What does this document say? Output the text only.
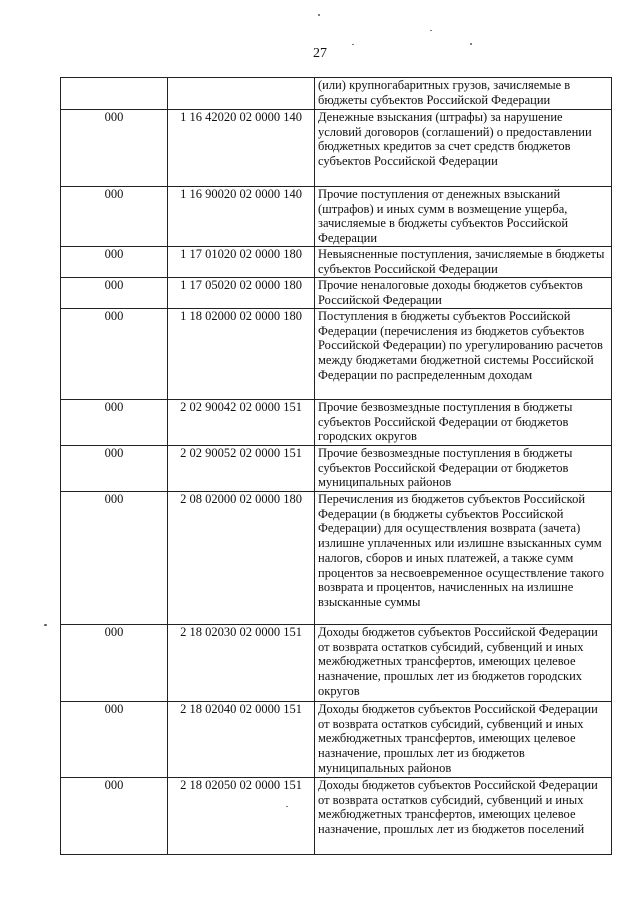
27
		(или) крупногабаритных грузов, зачисляемые в бюджеты субъектов Российской Федерации
000	1 16 42020 02 0000 140	Денежные взыскания (штрафы) за нарушение условий договоров (соглашений) о предоставлении бюджетных кредитов за счет средств бюджетов субъектов Российской Федерации
000	1 16 90020 02 0000 140	Прочие поступления от денежных взысканий (штрафов) и иных сумм в возмещение ущерба, зачисляемые в бюджеты субъектов Российской Федерации
000	1 17 01020 02 0000 180	Невыясненные поступления, зачисляемые в бюджеты субъектов Российской Федерации
000	1 17 05020 02 0000 180	Прочие неналоговые доходы бюджетов субъектов Российской Федерации
000	1 18 02000 02 0000 180	Поступления в бюджеты субъектов Российской Федерации (перечисления из бюджетов субъектов Российской Федерации) по урегулированию расчетов между бюджетами бюджетной системы Российской Федерации по распределенным доходам
000	2 02 90042 02 0000 151	Прочие безвозмездные поступления в бюджеты субъектов Российской Федерации от бюджетов городских округов
000	2 02 90052 02 0000 151	Прочие безвозмездные поступления в бюджеты субъектов Российской Федерации от бюджетов муниципальных районов
000	2 08 02000 02 0000 180	Перечисления из бюджетов субъектов Российской Федерации (в бюджеты субъектов Российской Федерации) для осуществления возврата (зачета) излишне уплаченных или излишне взысканных сумм налогов, сборов и иных платежей, а также сумм процентов за несвоевременное осуществление такого возврата и процентов, начисленных на излишне взысканные суммы
000	2 18 02030 02 0000 151	Доходы бюджетов субъектов Российской Федерации от возврата остатков субсидий, субвенций и иных межбюджетных трансфертов, имеющих целевое назначение, прошлых лет из бюджетов городских округов
000	2 18 02040 02 0000 151	Доходы бюджетов субъектов Российской Федерации от возврата остатков субсидий, субвенций и иных межбюджетных трансфертов, имеющих целевое назначение, прошлых лет из бюджетов муниципальных районов
000	2 18 02050 02 0000 151	Доходы бюджетов субъектов Российской Федерации от возврата остатков субсидий, субвенций и иных межбюджетных трансфертов, имеющих целевое назначение, прошлых лет из бюджетов поселений
